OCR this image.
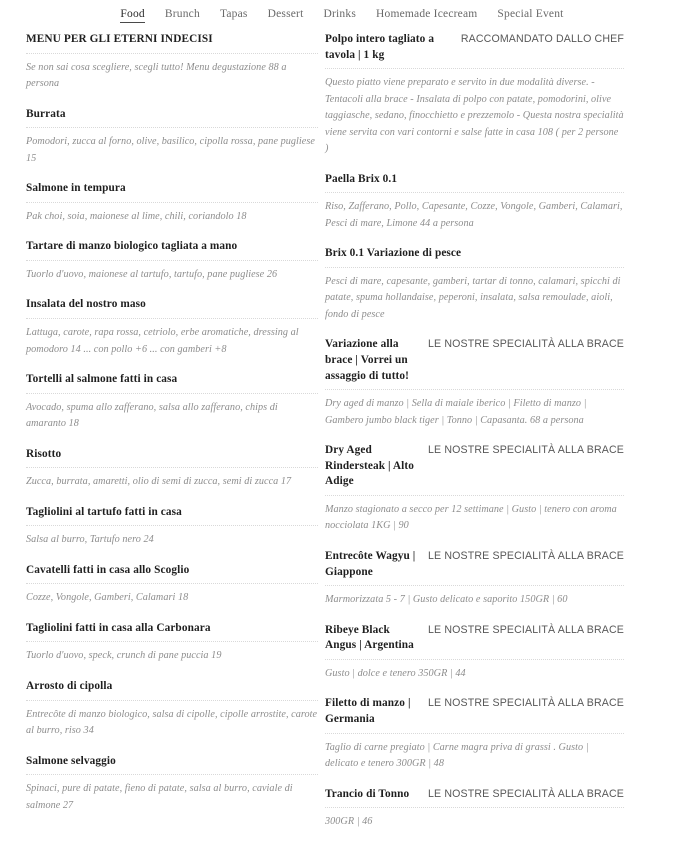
Food Brunch Tapas Dessert Drinks Homemade Icecream Special Event
MENU PER GLI ETERNI INDECISI
Se non sai cosa scegliere, scegli tutto! Menu degustazione 88 a persona
Burrata
Pomodori, zucca al forno, olive, basilico, cipolla rossa, pane pugliese 15
Salmone in tempura
Pak choi, soia, maionese al lime, chili, coriandolo 18
Tartare di manzo biologico tagliata a mano
Tuorlo d'uovo, maionese al tartufo, tartufo, pane pugliese 26
Insalata del nostro maso
Lattuga, carote, rapa rossa, cetriolo, erbe aromatiche, dressing al pomodoro 14 ... con pollo +6 ... con gamberi +8
Tortelli al salmone fatti in casa
Avocado, spuma allo zafferano, salsa allo zafferano, chips di amaranto 18
Risotto
Zucca, burrata, amaretti, olio di semi di zucca, semi di zucca 17
Tagliolini al tartufo fatti in casa
Salsa al burro, Tartufo nero 24
Cavatelli fatti in casa allo Scoglio
Cozze, Vongole, Gamberi, Calamari 18
Tagliolini fatti in casa alla Carbonara
Tuorlo d'uovo, speck, crunch di pane puccia 19
Arrosto di cipolla
Entrecôte di manzo biologico, salsa di cipolle, cipolle arrostite, carote al burro, riso 34
Salmone selvaggio
Spinaci, pure di patate, fieno di patate, salsa al burro, caviale di salmone 27
Polpo intero tagliato a tavola | 1 kg
RACCOMANDATO DALLO CHEF
Questo piatto viene preparato e servito in due modalità diverse. - Tentacoli alla brace - Insalata di polpo con patate, pomodorini, olive taggiasche, sedano, finocchietto e prezzemolo - Questa nostra specialità viene servita con vari contorni e salse fatte in casa 108 ( per 2 persone )
Paella Brix 0.1
Riso, Zafferano, Pollo, Capesante, Cozze, Vongole, Gamberi, Calamari, Pesci di mare, Limone 44 a persona
Brix 0.1 Variazione di pesce
Pesci di mare, capesante, gamberi, tartar di tonno, calamari, spicchi di patate, spuma hollandaise, peperoni, insalata, salsa remoulade, aioli, fondo di pesce
Variazione alla brace | Vorrei un assaggio di tutto!
LE NOSTRE SPECIALITÀ ALLA BRACE
Dry aged di manzo | Sella di maiale iberico | Filetto di manzo | Gambero jumbo black tiger | Tonno | Capasanta. 68 a persona
Dry Aged Rindersteak | Alto Adige
LE NOSTRE SPECIALITÀ ALLA BRACE
Manzo stagionato a secco per 12 settimane | Gusto | tenero con aroma nocciolata 1KG | 90
Entrecôte Wagyu | Giappone
LE NOSTRE SPECIALITÀ ALLA BRACE
Marmorizzata 5 - 7 | Gusto delicato e saporito 150GR | 60
Ribeye Black Angus | Argentina
LE NOSTRE SPECIALITÀ ALLA BRACE
Gusto | dolce e tenero 350GR | 44
Filetto di manzo | Germania
LE NOSTRE SPECIALITÀ ALLA BRACE
Taglio di carne pregiato | Carne magra priva di grassi . Gusto | delicato e tenero 300GR | 48
Trancio di Tonno	LE NOSTRE SPECIALITÀ ALLA BRACE
300GR | 46
